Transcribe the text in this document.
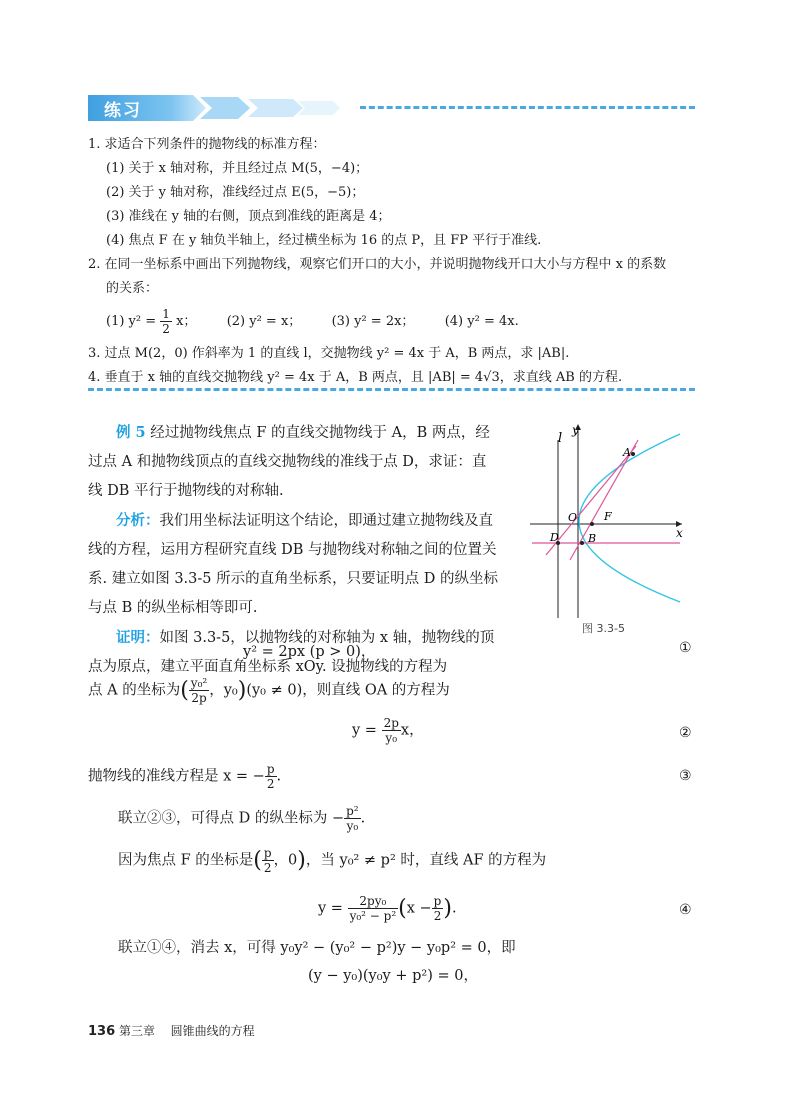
练习
1. 求适合下列条件的抛物线的标准方程：
(1) 关于 x 轴对称，并且经过点 M(5，−4)；
(2) 关于 y 轴对称，准线经过点 E(5，−5)；
(3) 准线在 y 轴的右侧，顶点到准线的距离是 4；
(4) 焦点 F 在 y 轴负半轴上，经过横坐标为 16 的点 P，且 FP 平行于准线.
2. 在同一坐标系中画出下列抛物线，观察它们开口的大小，并说明抛物线开口大小与方程中 x 的系数
的关系：
(1) $y^2 = \frac{1}{2}$ x； (2) y² = x； (3) y² = 2x； (4) y² = 4x.
3. 过点 M(2，0) 作斜率为 1 的直线 l，交抛物线 y² = 4x 于 A，B 两点，求 |AB|.
4. 垂直于 x 轴的直线交抛物线 y² = 4x 于 A，B 两点，且 |AB| = 4√3，求直线 AB 的方程.
例 5 经过抛物线焦点 F 的直线交抛物线于 A，B 两点，经
过点 A 和抛物线顶点的直线交抛物线的准线于点 D，求证：直
线 DB 平行于抛物线的对称轴.
分析：我们用坐标法证明这个结论，即通过建立抛物线及直
线的方程，运用方程研究直线 DB 与抛物线对称轴之间的位置关
系. 建立如图 3.3-5 所示的直角坐标系，只要证明点 D 的纵坐标
与点 B 的纵坐标相等即可.
证明：如图 3.3-5，以抛物线的对称轴为 x 轴，抛物线的顶
点为原点，建立平面直角坐标系 xOy. 设抛物线的方程为
l
y
x
O F
A
D	B
图 3.3-5
y² = 2px (p > 0)，	①
点 A 的坐标为( $\frac{\text{y₀²}}{2p}$ ，y₀)(y₀ ≠ 0)，则直线 OA 的方程为
$y = \frac{2p}{\text{y₀}}$ x，	②
抛物线的准线方程是 x = − $\frac{p}{2}$ .	③
联立②③，可得点 D 的纵坐标为 − $\frac{\text{p²}}{\text{y₀}}$ .
因为焦点 F 的坐标是( $\frac{p}{2}$ ，0)，当 y₀² ≠ p² 时，直线 AF 的方程为
$y = \frac{\text{2py₀}}{\text{y₀² − p²}} (x - \frac{p}{2}$ ).	④
联立①④，消去 x，可得 y₀y² − (y₀² − p²)y − y₀p² = 0，即
(y − y₀)(y₀y + p²) = 0，
136 第三章 圆锥曲线的方程
